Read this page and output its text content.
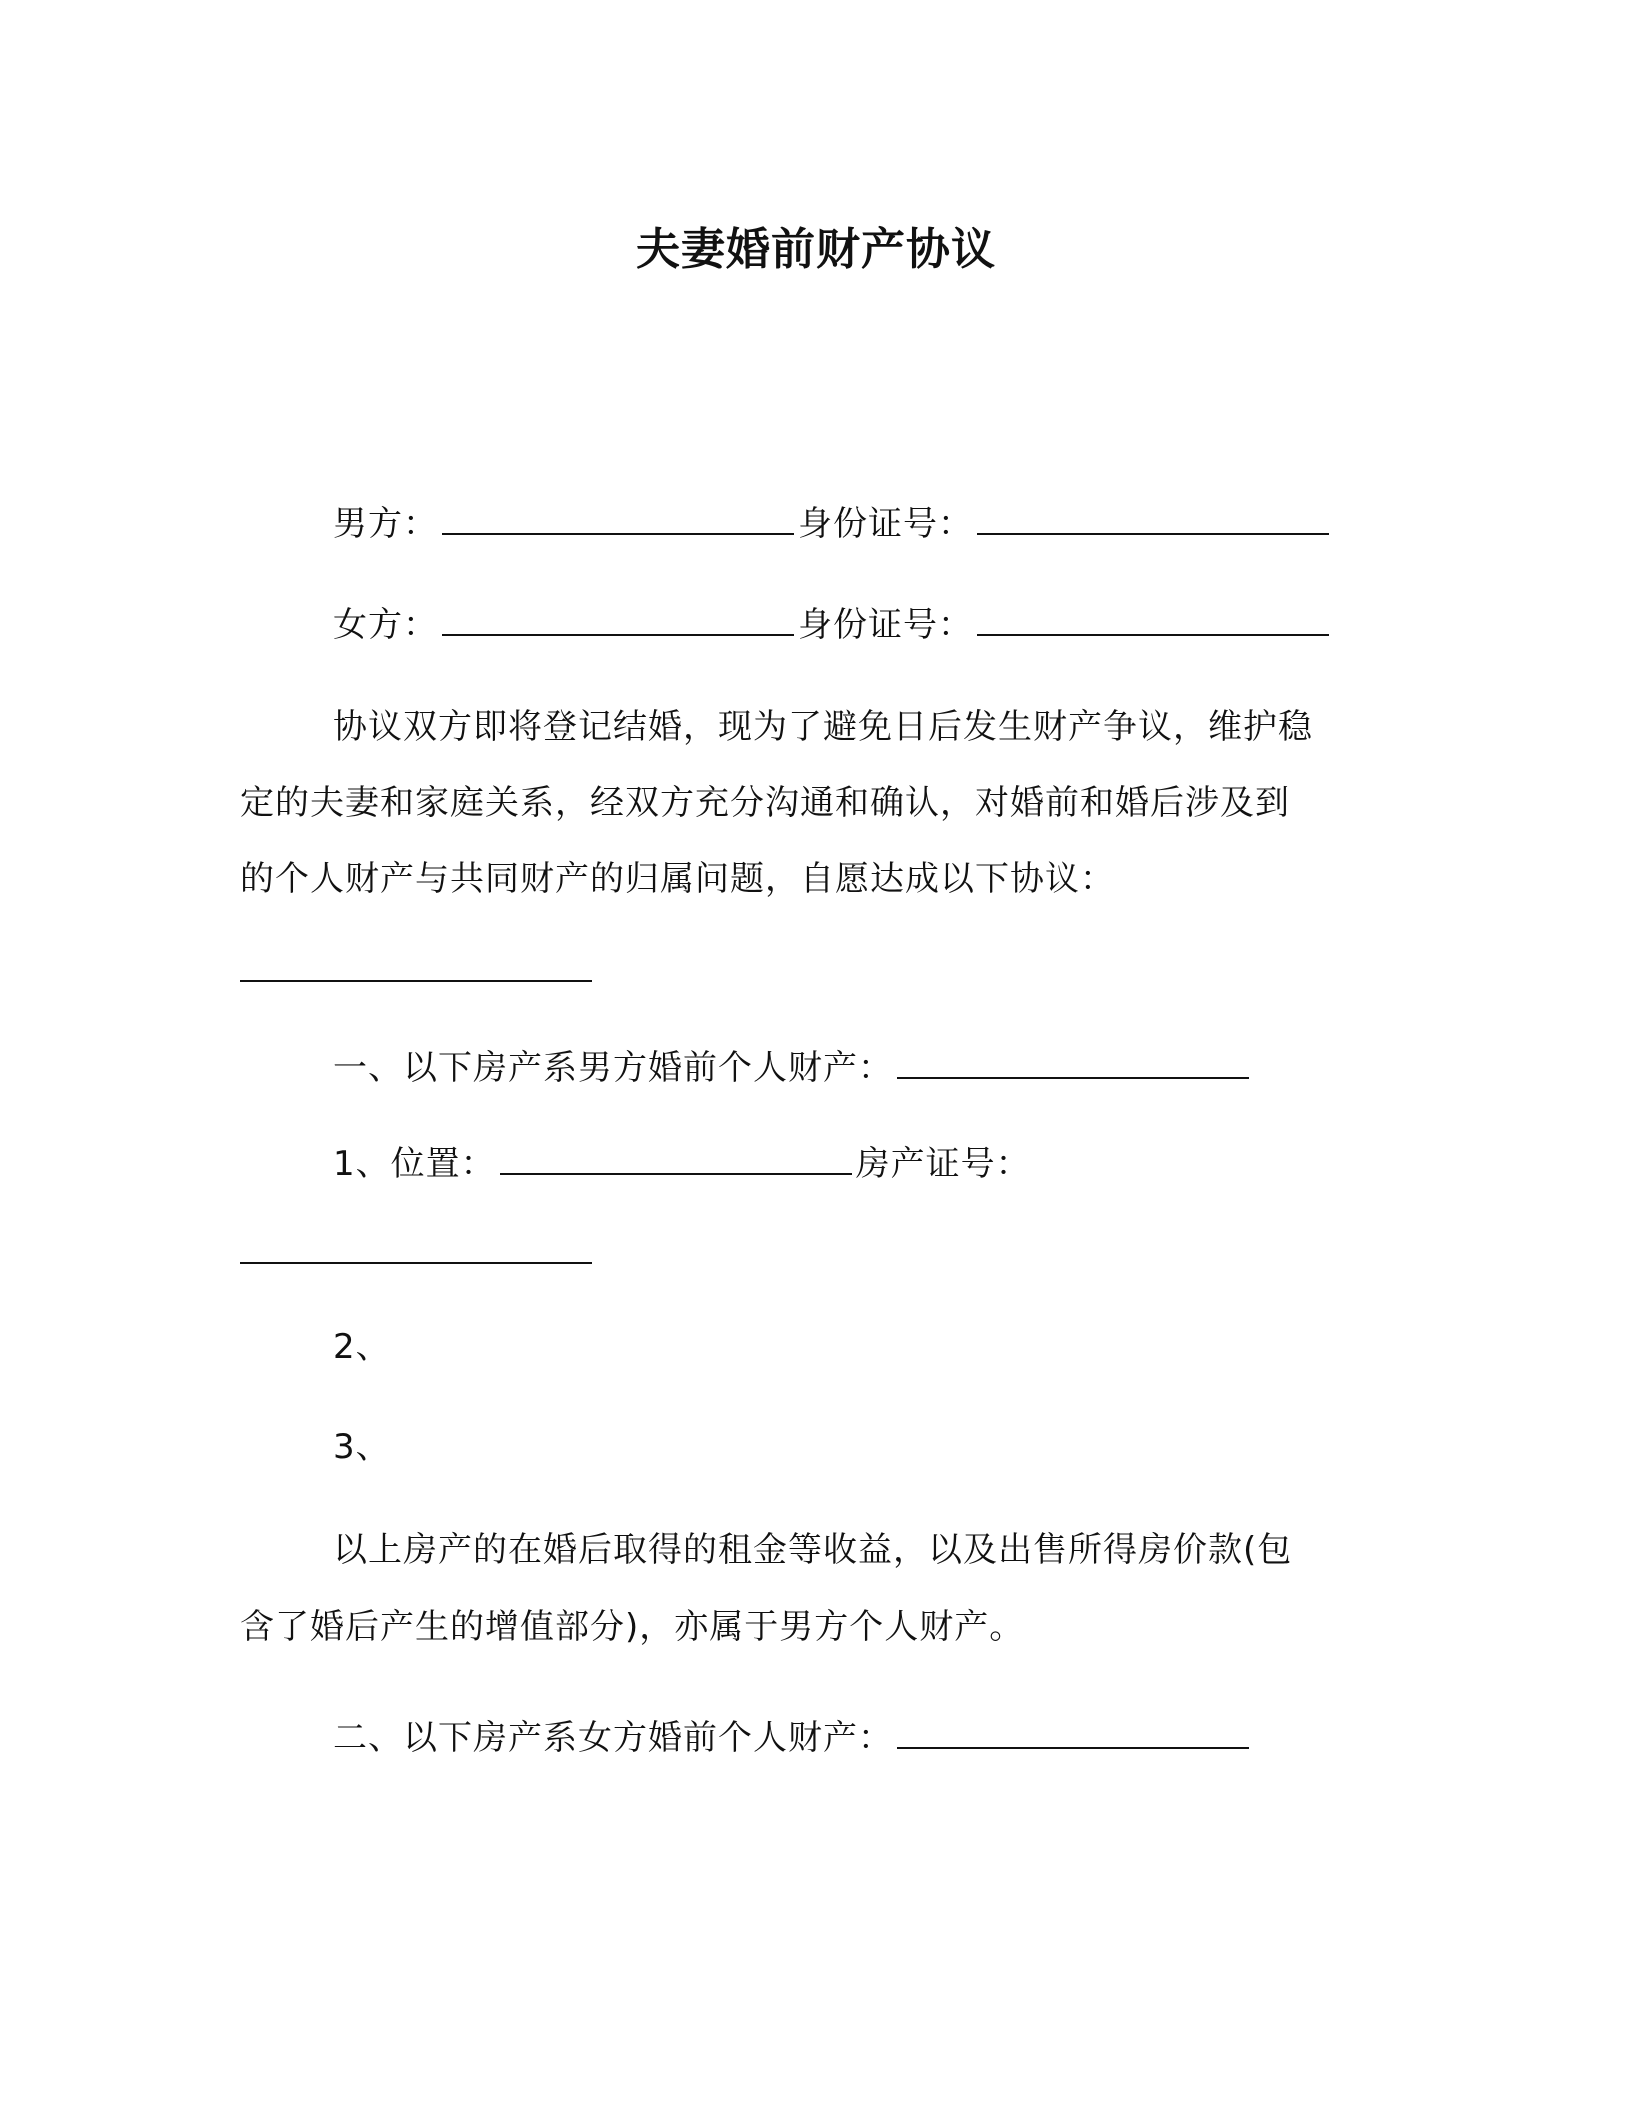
夫妻婚前财产协议
男方：	身份证号：
女方：	身份证号：
协议双方即将登记结婚，现为了避免日后发生财产争议，维护稳
定的夫妻和家庭关系，经双方充分沟通和确认，对婚前和婚后涉及到
的个人财产与共同财产的归属问题，自愿达成以下协议：
一、以下房产系男方婚前个人财产：
1、位置：	房产证号：
2、
3、
以上房产的在婚后取得的租金等收益，以及出售所得房价款(包
含了婚后产生的增值部分)，亦属于男方个人财产。
二、以下房产系女方婚前个人财产：
